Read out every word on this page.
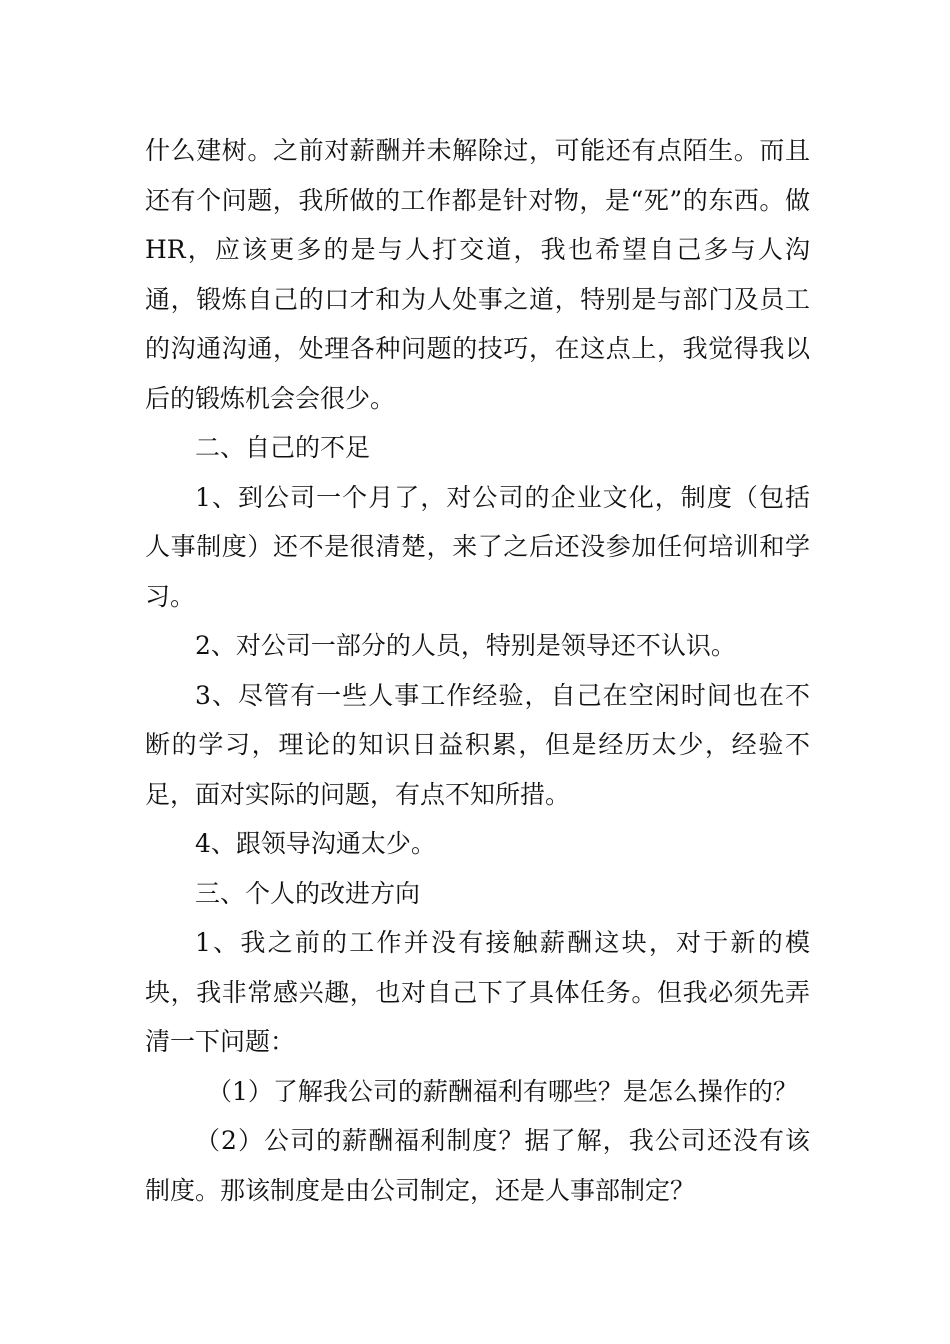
什么建树。之前对薪酬并未解除过，可能还有点陌生。而且还有个问题，我所做的工作都是针对物，是“死”的东西。做HR，应该更多的是与人打交道，我也希望自己多与人沟通，锻炼自己的口才和为人处事之道，特别是与部门及员工的沟通沟通，处理各种问题的技巧，在这点上，我觉得我以后的锻炼机会会很少。

二、自己的不足

1、到公司一个月了，对公司的企业文化，制度（包括人事制度）还不是很清楚，来了之后还没参加任何培训和学习。

2、对公司一部分的人员，特别是领导还不认识。

3、尽管有一些人事工作经验，自己在空闲时间也在不断的学习，理论的知识日益积累，但是经历太少，经验不足，面对实际的问题，有点不知所措。

4、跟领导沟通太少。

三、个人的改进方向

1、我之前的工作并没有接触薪酬这块，对于新的模块，我非常感兴趣，也对自己下了具体任务。但我必须先弄清一下问题：

（1）了解我公司的薪酬福利有哪些？是怎么操作的？

（2）公司的薪酬福利制度？据了解，我公司还没有该制度。那该制度是由公司制定，还是人事部制定？
